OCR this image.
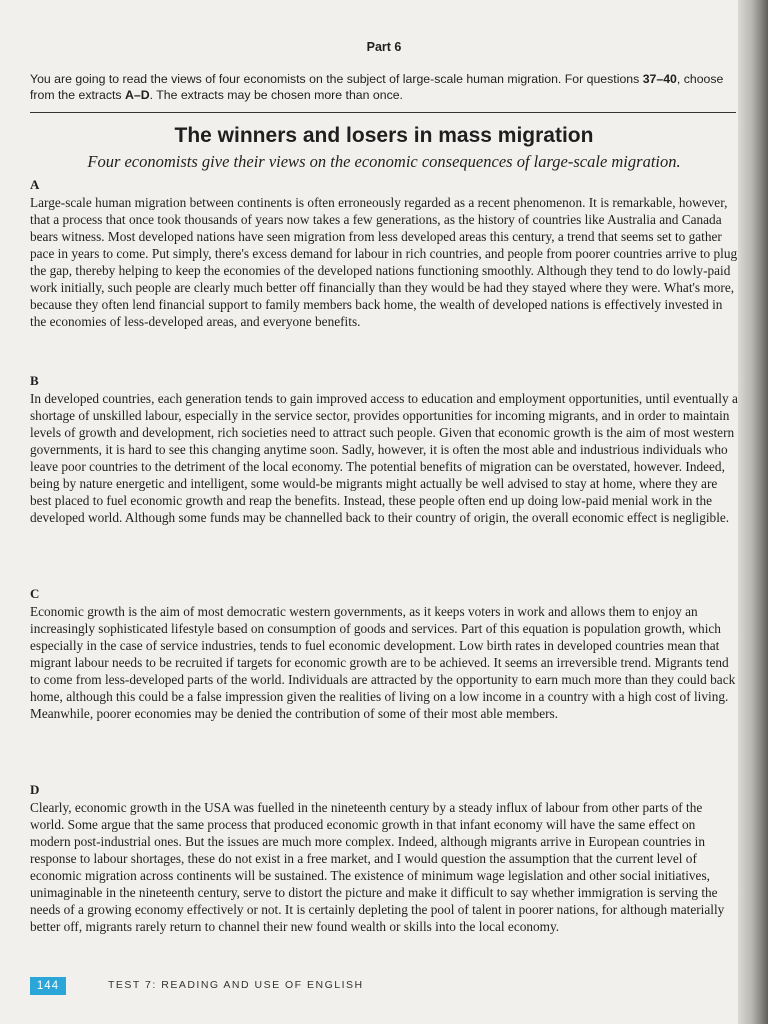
Part 6
You are going to read the views of four economists on the subject of large-scale human migration. For questions 37–40, choose from the extracts A–D. The extracts may be chosen more than once.
The winners and losers in mass migration
Four economists give their views on the economic consequences of large-scale migration.
A
Large-scale human migration between continents is often erroneously regarded as a recent phenomenon. It is remarkable, however, that a process that once took thousands of years now takes a few generations, as the history of countries like Australia and Canada bears witness. Most developed nations have seen migration from less developed areas this century, a trend that seems set to gather pace in years to come. Put simply, there's excess demand for labour in rich countries, and people from poorer countries arrive to plug the gap, thereby helping to keep the economies of the developed nations functioning smoothly. Although they tend to do lowly-paid work initially, such people are clearly much better off financially than they would be had they stayed where they were. What's more, because they often lend financial support to family members back home, the wealth of developed nations is effectively invested in the economies of less-developed areas, and everyone benefits.
B
In developed countries, each generation tends to gain improved access to education and employment opportunities, until eventually a shortage of unskilled labour, especially in the service sector, provides opportunities for incoming migrants, and in order to maintain levels of growth and development, rich societies need to attract such people. Given that economic growth is the aim of most western governments, it is hard to see this changing anytime soon. Sadly, however, it is often the most able and industrious individuals who leave poor countries to the detriment of the local economy. The potential benefits of migration can be overstated, however. Indeed, being by nature energetic and intelligent, some would-be migrants might actually be well advised to stay at home, where they are best placed to fuel economic growth and reap the benefits. Instead, these people often end up doing low-paid menial work in the developed world. Although some funds may be channelled back to their country of origin, the overall economic effect is negligible.
C
Economic growth is the aim of most democratic western governments, as it keeps voters in work and allows them to enjoy an increasingly sophisticated lifestyle based on consumption of goods and services. Part of this equation is population growth, which especially in the case of service industries, tends to fuel economic development. Low birth rates in developed countries mean that migrant labour needs to be recruited if targets for economic growth are to be achieved. It seems an irreversible trend. Migrants tend to come from less-developed parts of the world. Individuals are attracted by the opportunity to earn much more than they could back home, although this could be a false impression given the realities of living on a low income in a country with a high cost of living. Meanwhile, poorer economies may be denied the contribution of some of their most able members.
D
Clearly, economic growth in the USA was fuelled in the nineteenth century by a steady influx of labour from other parts of the world. Some argue that the same process that produced economic growth in that infant economy will have the same effect on modern post-industrial ones. But the issues are much more complex. Indeed, although migrants arrive in European countries in response to labour shortages, these do not exist in a free market, and I would question the assumption that the current level of economic migration across continents will be sustained. The existence of minimum wage legislation and other social initiatives, unimaginable in the nineteenth century, serve to distort the picture and make it difficult to say whether immigration is serving the needs of a growing economy effectively or not. It is certainly depleting the pool of talent in poorer nations, for although materially better off, migrants rarely return to channel their new found wealth or skills into the local economy.
144	TEST 7: READING AND USE OF ENGLISH
